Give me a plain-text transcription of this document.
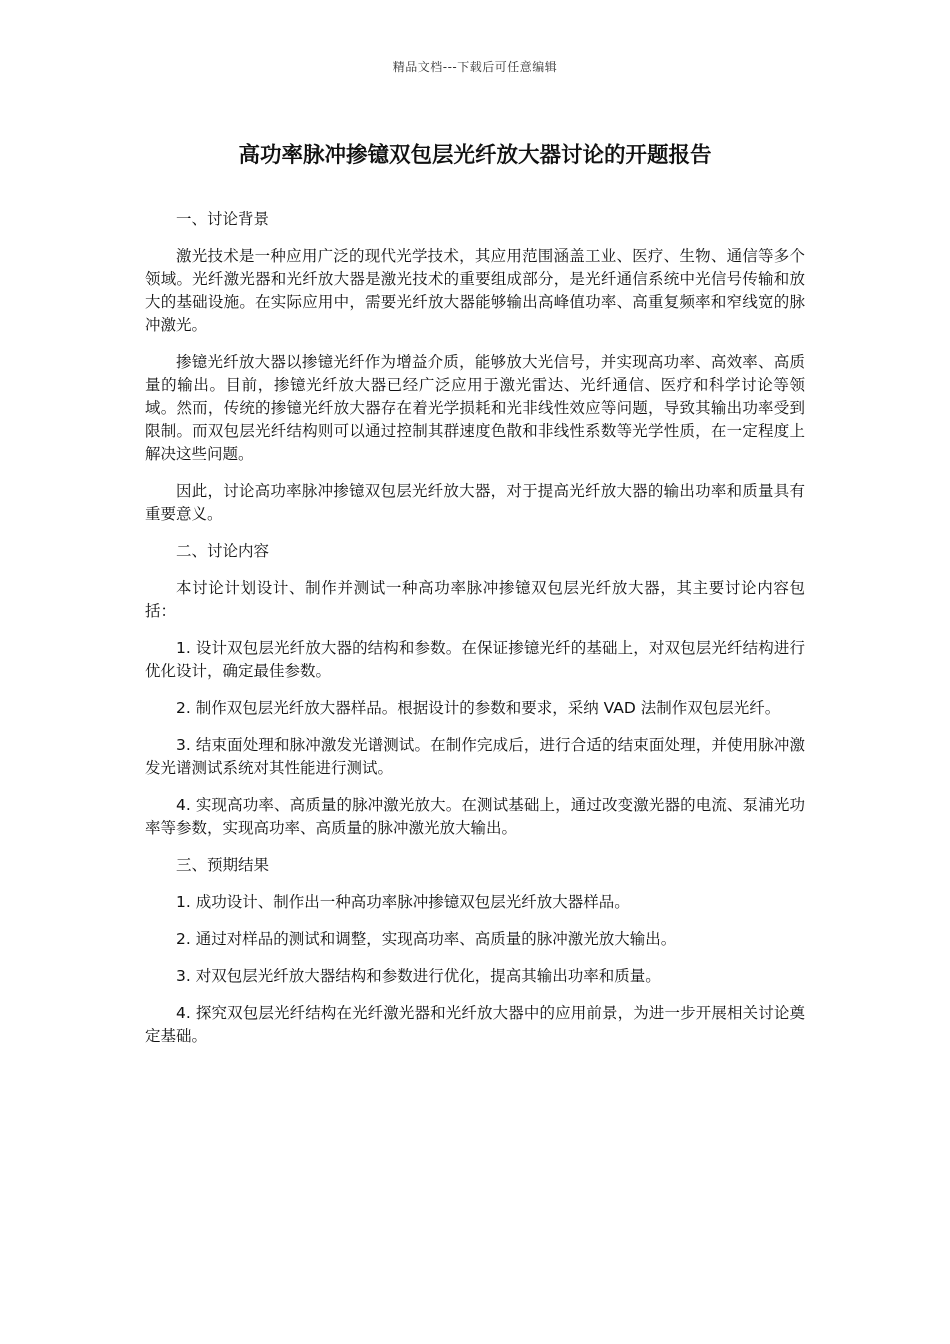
精品文档---下载后可任意编辑
高功率脉冲掺镱双包层光纤放大器讨论的开题报告

一、讨论背景

激光技术是一种应用广泛的现代光学技术，其应用范围涵盖工业、医疗、生物、通信等多个领域。光纤激光器和光纤放大器是激光技术的重要组成部分，是光纤通信系统中光信号传输和放大的基础设施。在实际应用中，需要光纤放大器能够输出高峰值功率、高重复频率和窄线宽的脉冲激光。

掺镱光纤放大器以掺镱光纤作为增益介质，能够放大光信号，并实现高功率、高效率、高质量的输出。目前，掺镱光纤放大器已经广泛应用于激光雷达、光纤通信、医疗和科学讨论等领域。然而，传统的掺镱光纤放大器存在着光学损耗和光非线性效应等问题，导致其输出功率受到限制。而双包层光纤结构则可以通过控制其群速度色散和非线性系数等光学性质，在一定程度上解决这些问题。

因此，讨论高功率脉冲掺镱双包层光纤放大器，对于提高光纤放大器的输出功率和质量具有重要意义。

二、讨论内容

本讨论计划设计、制作并测试一种高功率脉冲掺镱双包层光纤放大器，其主要讨论内容包括：

1. 设计双包层光纤放大器的结构和参数。在保证掺镱光纤的基础上，对双包层光纤结构进行优化设计，确定最佳参数。

2. 制作双包层光纤放大器样品。根据设计的参数和要求，采纳 VAD 法制作双包层光纤。

3. 结束面处理和脉冲激发光谱测试。在制作完成后，进行合适的结束面处理，并使用脉冲激发光谱测试系统对其性能进行测试。

4. 实现高功率、高质量的脉冲激光放大。在测试基础上，通过改变激光器的电流、泵浦光功率等参数，实现高功率、高质量的脉冲激光放大输出。

三、预期结果

1. 成功设计、制作出一种高功率脉冲掺镱双包层光纤放大器样品。

2. 通过对样品的测试和调整，实现高功率、高质量的脉冲激光放大输出。

3. 对双包层光纤放大器结构和参数进行优化，提高其输出功率和质量。

4. 探究双包层光纤结构在光纤激光器和光纤放大器中的应用前景，为进一步开展相关讨论奠定基础。
